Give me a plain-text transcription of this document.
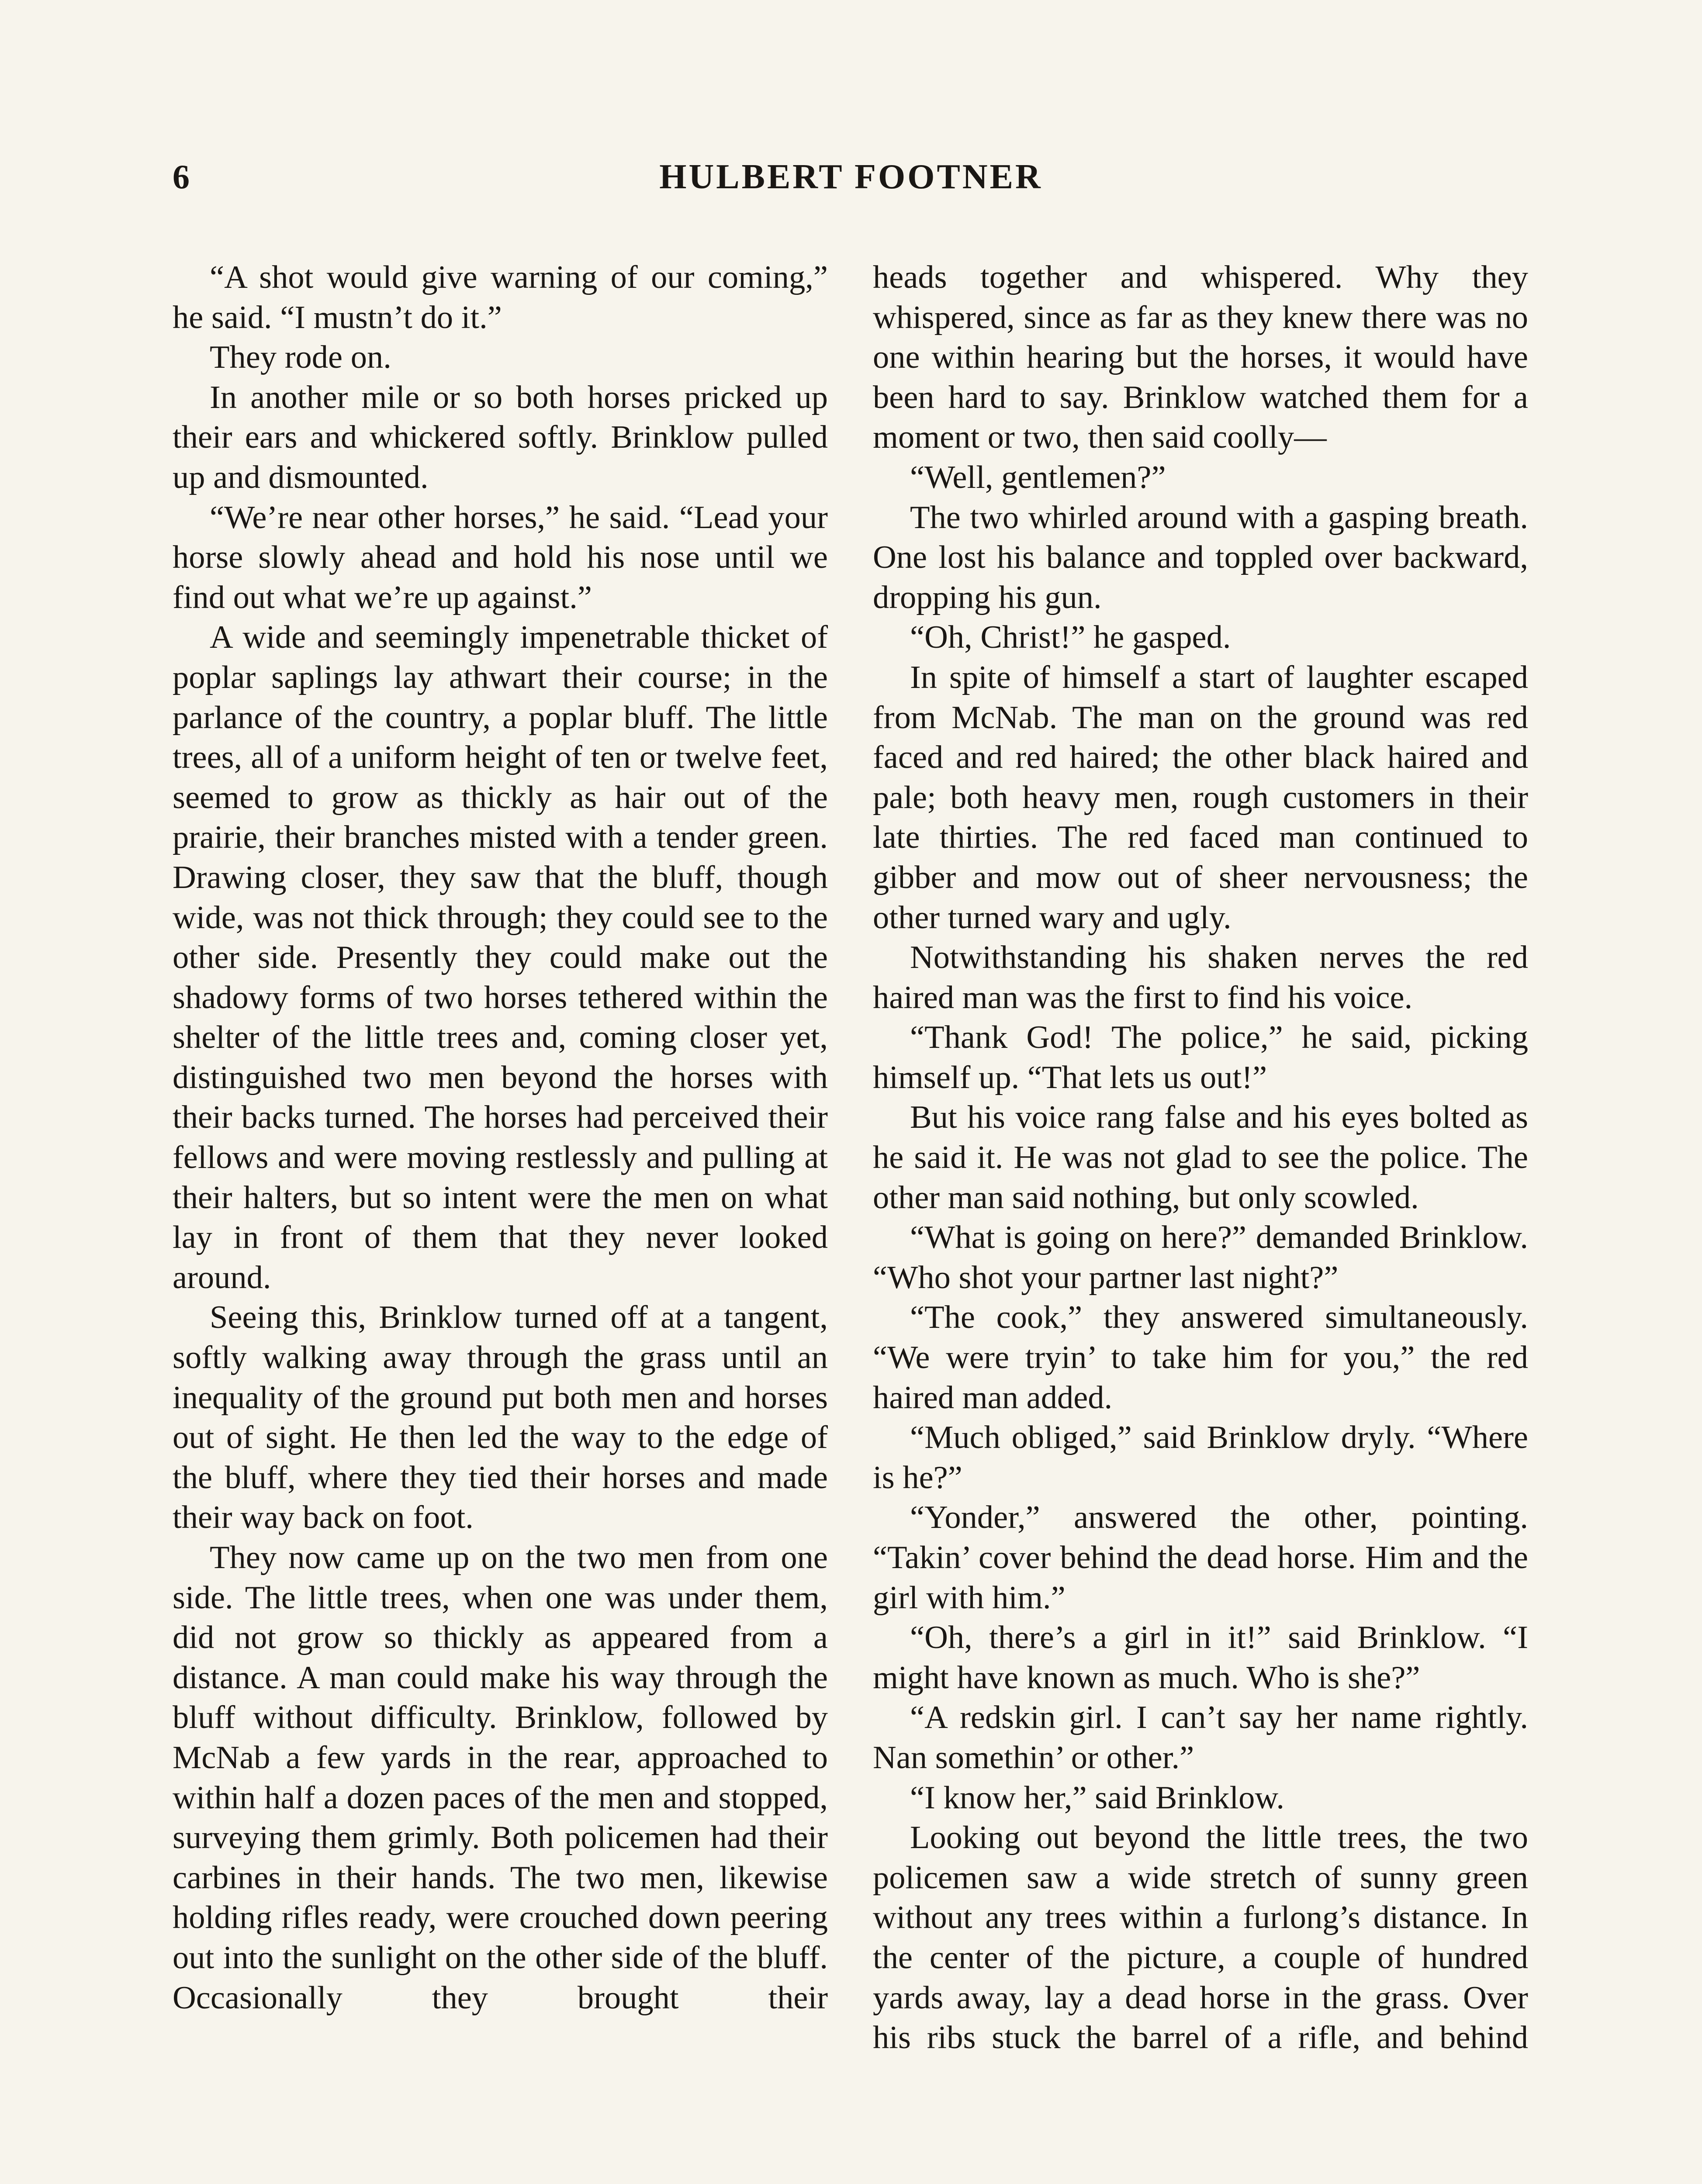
6	HULBERT FOOTNER

“A shot would give warning of our coming,” he said. “I mustn’t do it.”

They rode on.

In another mile or so both horses pricked up their ears and whickered softly. Brinklow pulled up and dismounted.

“We’re near other horses,” he said. “Lead your horse slowly ahead and hold his nose until we find out what we’re up against.”

A wide and seemingly impenetrable thicket of poplar saplings lay athwart their course; in the parlance of the country, a poplar bluff. The little trees, all of a uniform height of ten or twelve feet, seemed to grow as thickly as hair out of the prairie, their branches misted with a tender green. Drawing closer, they saw that the bluff, though wide, was not thick through; they could see to the other side. Presently they could make out the shadowy forms of two horses tethered within the shelter of the little trees and, coming closer yet, distinguished two men beyond the horses with their backs turned. The horses had perceived their fellows and were moving restlessly and pulling at their halters, but so intent were the men on what lay in front of them that they never looked around.

Seeing this, Brinklow turned off at a tangent, softly walking away through the grass until an inequality of the ground put both men and horses out of sight. He then led the way to the edge of the bluff, where they tied their horses and made their way back on foot.

They now came up on the two men from one side. The little trees, when one was under them, did not grow so thickly as appeared from a distance. A man could make his way through the bluff without difficulty. Brinklow, followed by McNab a few yards in the rear, approached to within half a dozen paces of the men and stopped, surveying them grimly. Both policemen had their carbines in their hands. The two men, likewise holding rifles ready, were crouched down peering out into the sunlight on the other side of the bluff. Occasionally they brought their

heads together and whispered. Why they whispered, since as far as they knew there was no one within hearing but the horses, it would have been hard to say. Brinklow watched them for a moment or two, then said coolly—

“Well, gentlemen?”

The two whirled around with a gasping breath. One lost his balance and toppled over backward, dropping his gun.

“Oh, Christ!” he gasped.

In spite of himself a start of laughter escaped from McNab. The man on the ground was red faced and red haired; the other black haired and pale; both heavy men, rough customers in their late thirties. The red faced man continued to gibber and mow out of sheer nervousness; the other turned wary and ugly.

Notwithstanding his shaken nerves the red haired man was the first to find his voice.

“Thank God! The police,” he said, picking himself up. “That lets us out!”

But his voice rang false and his eyes bolted as he said it. He was not glad to see the police. The other man said nothing, but only scowled.

“What is going on here?” demanded Brinklow. “Who shot your partner last night?”

“The cook,” they answered simultaneously. “We were tryin’ to take him for you,” the red haired man added.

“Much obliged,” said Brinklow dryly. “Where is he?”

“Yonder,” answered the other, pointing. “Takin’ cover behind the dead horse. Him and the girl with him.”

“Oh, there’s a girl in it!” said Brinklow. “I might have known as much. Who is she?”

“A redskin girl. I can’t say her name rightly. Nan somethin’ or other.”

“I know her,” said Brinklow.

Looking out beyond the little trees, the two policemen saw a wide stretch of sunny green without any trees within a furlong’s distance. In the center of the picture, a couple of hundred yards away, lay a dead horse in the grass. Over his ribs stuck the barrel of a rifle, and behind
